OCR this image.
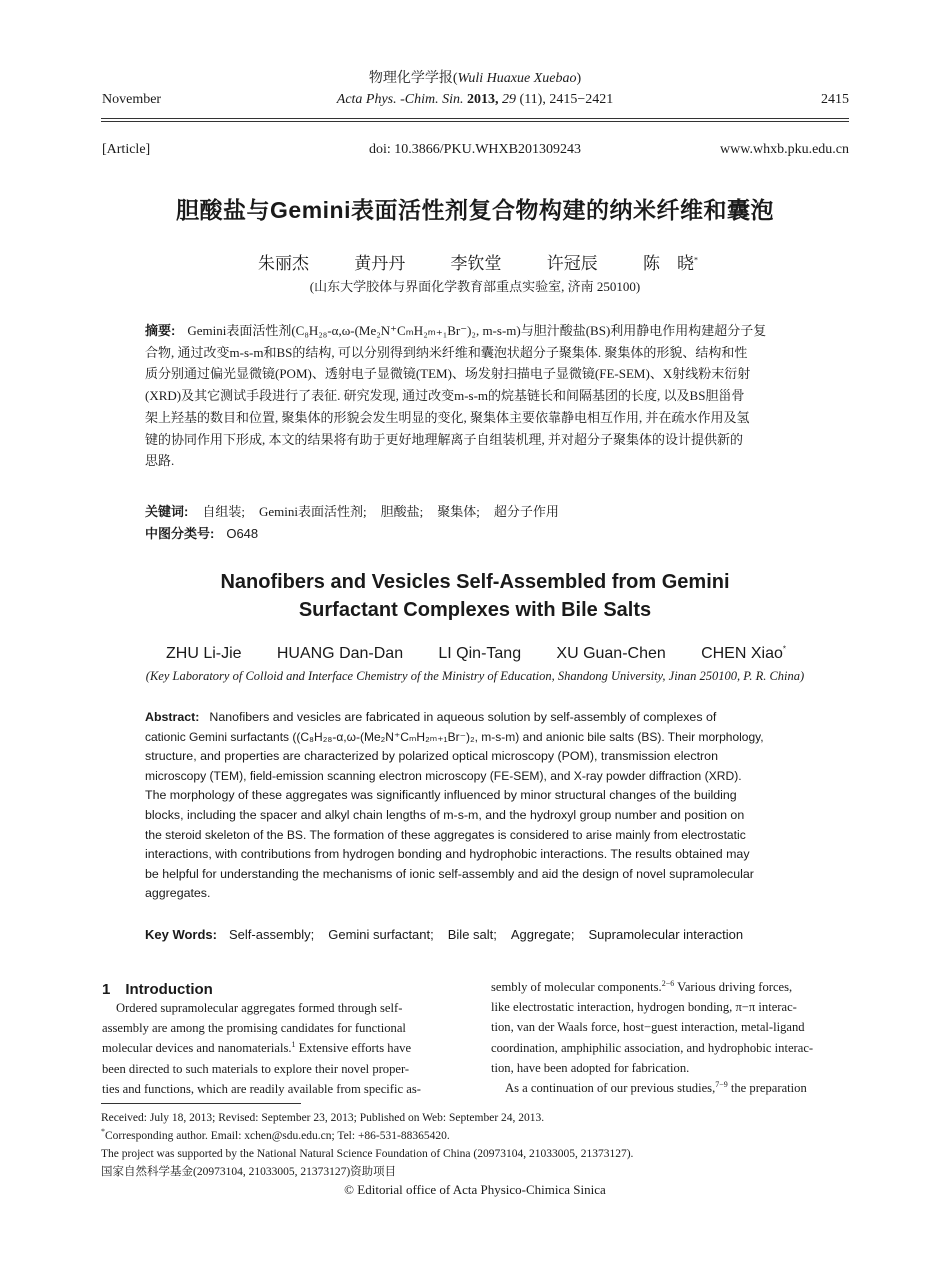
物理化学学报(Wuli Huaxue Xuebao)
November	Acta Phys. -Chim. Sin. 2013, 29 (11), 2415−2421	2415
[Article]	doi: 10.3866/PKU.WHXB201309243	www.whxb.pku.edu.cn
胆酸盐与Gemini表面活性剂复合物构建的纳米纤维和囊泡
朱丽杰	黄丹丹	李钦堂	许冠辰	陈　晓*
(山东大学胶体与界面化学教育部重点实验室, 济南 250100)
摘要: Gemini表面活性剂(C₈H₂₈-α,ω-(Me₂N⁺CₘH₂ₘ₊₁Br⁻)₂, m-s-m)与胆汁酸盐(BS)利用静电作用构建超分子复
合物, 通过改变m-s-m和BS的结构, 可以分别得到纳米纤维和囊泡状超分子聚集体. 聚集体的形貌、结构和性
质分别通过偏光显微镜(POM)、透射电子显微镜(TEM)、场发射扫描电子显微镜(FE-SEM)、X射线粉末衍射
(XRD)及其它测试手段进行了表征. 研究发现, 通过改变m-s-m的烷基链长和间隔基团的长度, 以及BS胆甾骨
架上羟基的数目和位置, 聚集体的形貌会发生明显的变化, 聚集体主要依靠静电相互作用, 并在疏水作用及氢
键的协同作用下形成, 本文的结果将有助于更好地理解离子自组装机理, 并对超分子聚集体的设计提供新的
思路.
关键词: 自组装; Gemini表面活性剂; 胆酸盐; 聚集体; 超分子作用
中图分类号: O648
Nanofibers and Vesicles Self-Assembled from Gemini
Surfactant Complexes with Bile Salts
ZHU Li-Jie HUANG Dan-Dan LI Qin-Tang XU Guan-Chen CHEN Xiao*
(Key Laboratory of Colloid and Interface Chemistry of the Ministry of Education, Shandong University, Jinan 250100, P. R. China)
Abstract: Nanofibers and vesicles are fabricated in aqueous solution by self-assembly of complexes of
cationic Gemini surfactants ((C₈H₂₈-α,ω-(Me₂N⁺CₘH₂ₘ₊₁Br⁻)₂, m-s-m) and anionic bile salts (BS). Their morphology,
structure, and properties are characterized by polarized optical microscopy (POM), transmission electron
microscopy (TEM), field-emission scanning electron microscopy (FE-SEM), and X-ray powder diffraction (XRD).
The morphology of these aggregates was significantly influenced by minor structural changes of the building
blocks, including the spacer and alkyl chain lengths of m-s-m, and the hydroxyl group number and position on
the steroid skeleton of the BS. The formation of these aggregates is considered to arise mainly from electrostatic
interactions, with contributions from hydrogen bonding and hydrophobic interactions. The results obtained may
be helpful for understanding the mechanisms of ionic self-assembly and aid the design of novel supramolecular
aggregates.
Key Words: Self-assembly; Gemini surfactant; Bile salt; Aggregate; Supramolecular interaction
1　Introduction

Ordered supramolecular aggregates formed through self-

assembly are among the promising candidates for functional

molecular devices and nanomaterials.$^1$ Extensive efforts have

been directed to such materials to explore their novel proper-

ties and functions, which are readily available from specific as-

sembly of molecular components.$^{2-6}$ Various driving forces,

like electrostatic interaction, hydrogen bonding, π−π interac-

tion, van der Waals force, host−guest interaction, metal-ligand

coordination, amphiphilic association, and hydrophobic interac-

tion, have been adopted for fabrication.

As a continuation of our previous studies,$^{7-9}$ the preparation

Received: July 18, 2013; Revised: September 23, 2013; Published on Web: September 24, 2013.
*Corresponding author. Email: xchen@sdu.edu.cn; Tel: +86-531-88365420.
The project was supported by the National Natural Science Foundation of China (20973104, 21033005, 21373127).
国家自然科学基金(20973104, 21033005, 21373127)资助项目
© Editorial office of Acta Physico-Chimica Sinica
